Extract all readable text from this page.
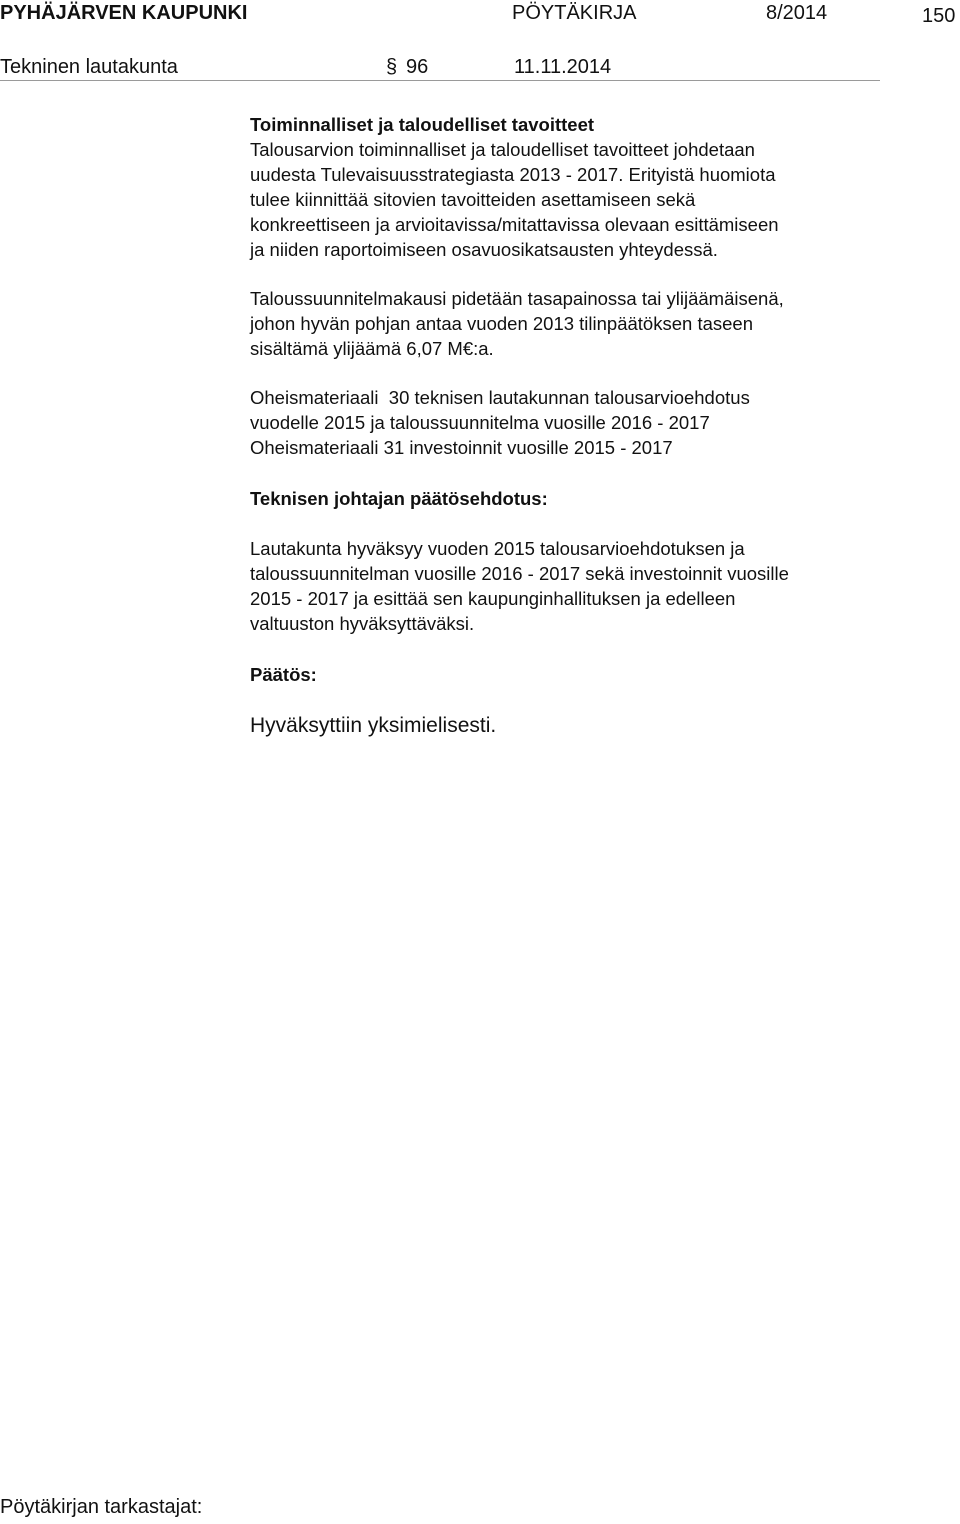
PYHÄJÄRVEN KAUPUNKI	PÖYTÄKIRJA	8/2014	150
Tekninen lautakunta	§ 96	11.11.2014
Toiminnalliset ja taloudelliset tavoitteet
Talousarvion toiminnalliset ja taloudelliset tavoitteet johdetaan
uudesta Tulevaisuusstrategiasta 2013 - 2017. Erityistä huomiota
tulee kiinnittää sitovien tavoitteiden asettamiseen sekä
konkreettiseen ja arvioitavissa/mitattavissa olevaan esittämiseen
ja niiden raportoimiseen osavuosikatsausten yhteydessä.
Taloussuunnitelmakausi pidetään tasapainossa tai ylijäämäisenä,
johon hyvän pohjan antaa vuoden 2013 tilinpäätöksen taseen
sisältämä ylijäämä 6,07 M€:a.
Oheismateriaali  30 teknisen lautakunnan talousarvioehdotus
vuodelle 2015 ja taloussuunnitelma vuosille 2016 - 2017
Oheismateriaali 31 investoinnit vuosille 2015 - 2017
Teknisen johtajan päätösehdotus:
Lautakunta hyväksyy vuoden 2015 talousarvioehdotuksen ja
taloussuunnitelman vuosille 2016 - 2017 sekä investoinnit vuosille
2015 - 2017 ja esittää sen kaupunginhallituksen ja edelleen
valtuuston hyväksyttäväksi.
Päätös:
Hyväksyttiin yksimielisesti.
Pöytäkirjan tarkastajat:
